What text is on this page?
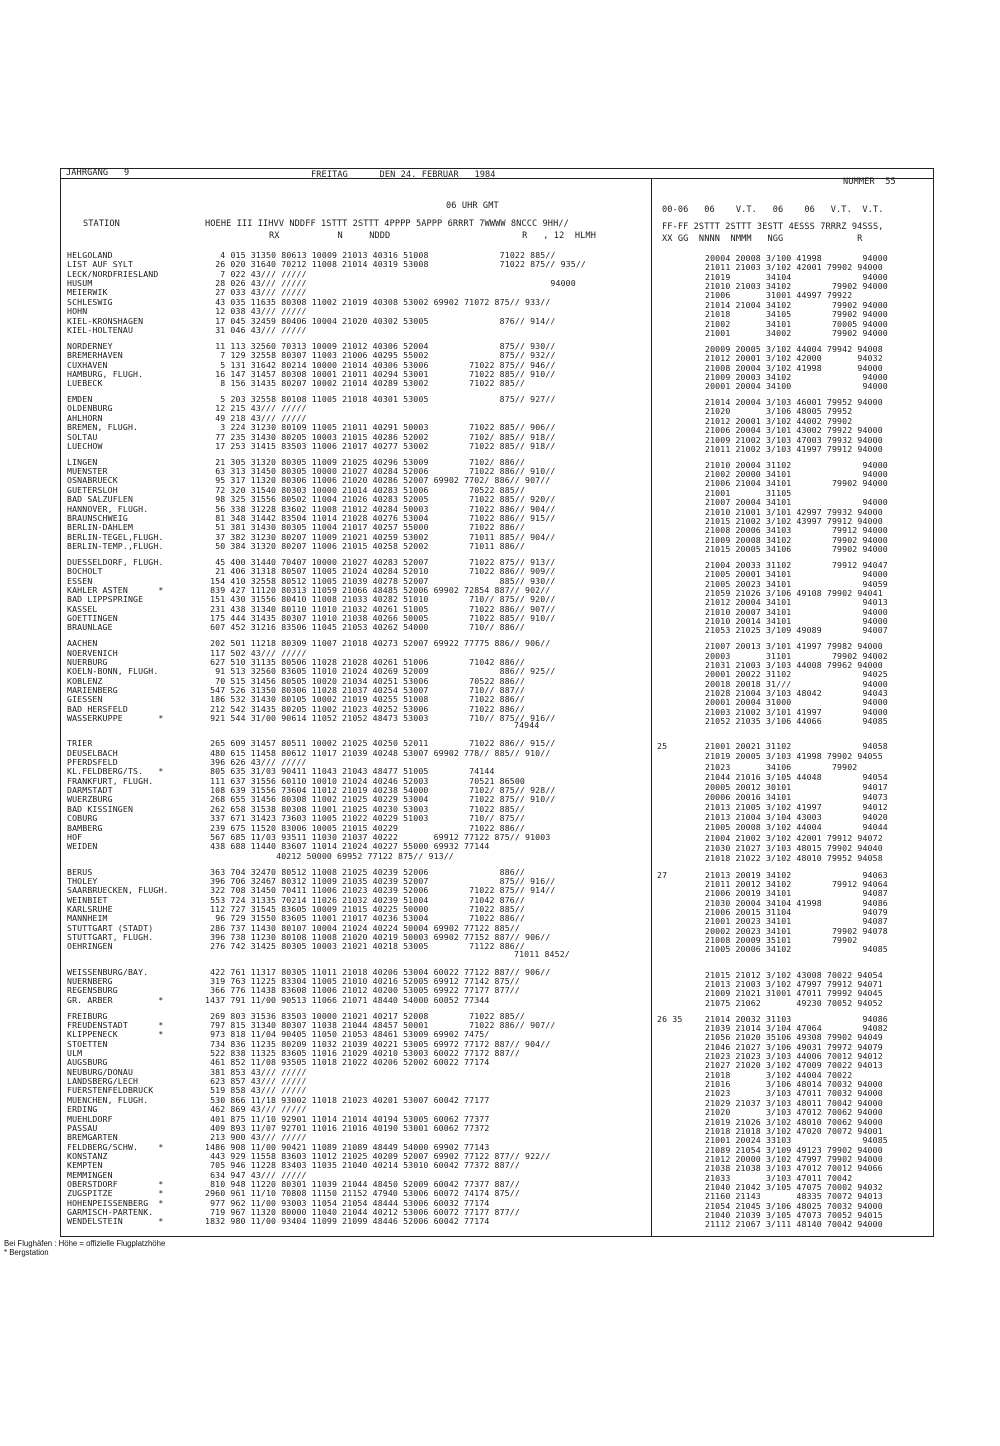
JAHRGANG   9	FREITAG      DEN 24. FEBRUAR   1984
NUMMER  55
06 UHR GMT
STATION	HOEHE III IIHVV NDDFF 1STTT 2STTT 4PPPP 5APPP 6RRRT 7WWWW 8NCCC 9HH//
RX           N     NDDD                         R   , 12  HLMH
00-06   06    V.T.   06    06   V.T.  V.T.
FF-FF 2STTT 2STTT 3ESTT 4ESSS 7RRRZ 94SSS,
XX GG  NNNN  NMMM   NGG              R
HELGOLAND	4 015 31350 80613 10009 21013 40316 51008              71022 885//
LIST AUF SYLT	26 020 31640 70212 11008 21014 40319 53008              71022 875// 935//
LECK/NORDFRIESLAND	7 022 43/// /////
HUSUM	28 026 43/// /////                                                94000
MEIERWIK	27 033 43/// /////
SCHLESWIG	43 035 11635 80308 11002 21019 40308 53002 69902 71072 875// 933//
HOHN	12 038 43/// /////
KIEL-KRONSHAGEN	17 045 32459 80406 10004 21020 40302 53005              876// 914//
KIEL-HOLTENAU	31 046 43/// /////
20004 20008 3/100 41998        94000
21011 21003 3/102 42001 79902 94000
21019       34104              94000
21010 21003 34102        79902 94000
21006       31001 44997 79922
21014 21004 34102        79902 94000
21018       34105        79902 94000
21002       34101        70005 94000
21001       34002        79902 94000
NORDERNEY	11 113 32560 70313 10009 21012 40306 52004              875// 930//
BREMERHAVEN	7 129 32558 80307 11003 21006 40295 55002              875// 932//
CUXHAVEN	5 131 31642 80214 10000 21014 40306 53006        71022 875// 946//
HAMBURG, FLUGH.	16 147 31457 80308 10001 21011 40294 53001        71022 885// 910//
LUEBECK	8 156 31435 80207 10002 21014 40289 53002        71022 885//
20009 20005 3/102 44004 79942 94008
21012 20001 3/102 42000       94032
21008 20004 3/102 41998       94000
21009 20003 34102              94000
20001 20004 34100              94000
EMDEN	5 203 32558 80108 11005 21018 40301 53005              875// 927//
OLDENBURG	12 215 43/// /////
AHLHORN	49 218 43/// /////
BREMEN, FLUGH.	3 224 31230 80109 11005 21011 40291 50003        71022 885// 906//
SOLTAU	77 235 31430 80205 10003 21015 40286 52002        7102/ 885// 918//
LUECHOW	17 253 31415 83503 11006 21017 40277 53002        71022 885// 918//
21014 20004 3/103 46001 79952 94000
21020       3/106 48005 79952
21012 20001 3/102 44002 79902
21006 20004 3/101 43002 79922 94000
21009 21002 3/103 47003 79932 94000
21011 21002 3/103 41997 79912 94000
LINGEN	21 305 31320 80305 11009 21025 40296 53009        7102/ 886//
MUENSTER	63 313 31450 80305 10000 21027 40284 52006        71022 886// 910//
OSNABRUECK	95 317 11320 80306 11006 21020 40286 52007 69902 7702/ 886// 907//
GUETERSLOH	72 320 31540 80303 10000 21014 40283 51006        70522 885//
BAD SALZUFLEN	98 325 31556 80502 11004 21026 40283 52005        71022 885// 920//
HANNOVER, FLUGH.	56 338 31228 83602 11008 21012 40284 50003        71022 886// 904//
BRAUNSCHWEIG	81 348 31442 83504 11014 21028 40276 53004        71022 886// 915//
BERLIN-DAHLEM	51 381 31430 80305 11004 21017 40257 55000        71022 886//
BERLIN-TEGEL,FLUGH.	37 382 31230 80207 11009 21021 40259 53002        71011 885// 904//
BERLIN-TEMP.,FLUGH.	50 384 31320 80207 11006 21015 40258 52002        71011 886//
21010 20004 31102              94000
21002 20000 34101              94000
21006 21004 34101        79902 94000
21001       31105
21007 20004 34101              94000
21010 21001 3/101 42997 79932 94000
21015 21002 3/102 43997 79912 94000
21008 20006 34103        79912 94000
21009 20008 34102        79902 94000
21015 20005 34106        79902 94000
DUESSELDORF, FLUGH.	45 400 31440 70407 10000 21027 40283 52007        71022 875// 913//
BOCHOLT	21 406 31318 80507 11005 21024 40284 52010        71022 886// 909//
ESSEN	154 410 32558 80512 11005 21039 40278 52007              885// 930//
KAHLER ASTEN      *	839 427 11120 80313 11059 21066 48485 52006 69902 72854 887// 902//
BAD LIPPSPRINGE	151 430 31556 80410 11008 21033 40282 51010        710// 875// 920//
KASSEL	231 438 31340 80110 11010 21032 40261 51005        71022 886// 907//
GOETTINGEN	175 444 31435 80307 11010 21038 40266 50005        71022 885// 910//
BRAUNLAGE	607 452 31216 83506 11045 21053 40262 54000        710// 886//
21004 20033 31102        79912 94047
21005 20001 34101              94000
21005 20023 34101              94059
21059 21026 3/106 49108 79902 94041
21012 20004 34101              94013
21010 20007 34101              94000
21010 20014 34101              94000
21053 21025 3/109 49089        94007
AACHEN	202 501 11218 80309 11007 21018 40273 52007 69922 77775 886// 906//
NOERVENICH	117 502 43/// /////
NUERBURG	627 510 31135 80506 11028 21028 40261 51006        71042 886//
KOELN-BONN, FLUGH.	91 513 32560 83605 11010 21024 40269 52009              886// 925//
KOBLENZ	70 515 31456 80505 10020 21034 40251 53006        70522 886//
MARIENBERG	547 526 31350 80306 11028 21037 40254 53007        710// 887//
GIESSEN	186 532 31430 80105 10002 21019 40255 51008        71022 886//
BAD HERSFELD	212 542 31435 80205 11002 21023 40252 53006        71022 886//
WASSERKUPPE       *	921 544 31/00 90614 11052 21052 48473 53003        710// 875// 916//
74944
21007 20013 3/101 41997 79982 94000
20003       31101        79902 94002
21031 21003 3/103 44008 79962 94000
20001 20022 31102              94025
20018 20018 31///              94000
21028 21004 3/103 48042        94043
20001 20004 31000              94000
21003 21002 3/101 41997        94000
21052 21035 3/106 44066        94085
TRIER	265 609 31457 80511 10002 21025 40250 52011        71022 886// 915//
DEUSELBACH	480 615 11458 80612 11017 21039 40248 53007 69902 778// 885// 910//
PFERDSFELD	396 626 43/// /////
KL.FELDBERG/TS.   *	805 635 31/03 90411 11043 21043 48477 51005        74144
FRANKFURT, FLUGH.	111 637 31556 60110 10010 21024 40246 52003        70521 86500
DARMSTADT	108 639 31556 73604 11012 21019 40238 54000        7102/ 875// 928//
WUERZBURG	268 655 31456 80308 11002 21025 40229 53004        71022 875// 910//
BAD KISSINGEN	262 658 31538 80308 11001 21025 40230 53003        71022 885//
COBURG	337 671 31423 73603 11005 21022 40229 51003        710// 875//
BAMBERG	239 675 11520 83006 10005 21015 40229              71022 886//
HOF	567 685 11/03 93511 11030 21037 40222       69912 77122 875// 91003
WEIDEN	438 688 11440 83607 11014 21024 40227 55000 69932 77144
40212 50000 69952 77122 875// 913//
25	21001 20021 31102              94058
21019 20005 3/103 41998 79902 94055
21023       34106        79902
21044 21016 3/105 44048        94054
20005 20012 30101              94017
20006 20016 34101              94073
21013 21005 3/102 41997        94012
21013 21004 3/104 43003        94020
21005 20008 3/102 44004        94044
21004 21002 3/102 42001 79912 94072
21030 21027 3/103 48015 79902 94040
21018 21022 3/102 48010 79952 94058
BERUS	363 704 32470 80512 11008 21025 40239 52006              886//
THOLEY	396 706 32467 80312 11009 21035 40239 52007              875// 916//
SAARBRUECKEN, FLUGH.	322 708 31450 70411 11006 21023 40239 52006        71022 875// 914//
WEINBIET	553 724 31335 70214 11026 21032 40239 51004        71042 876//
KARLSRUHE	112 727 31545 83605 10009 21015 40225 50000        71022 885//
MANNHEIM	96 729 31550 83605 11001 21017 40236 53004        71022 886//
STUTTGART (STADT)	286 737 11430 80107 10004 21024 40224 50004 69902 77122 885//
STUTTGART, FLUGH.	396 738 11230 80108 11008 21020 40219 50003 69902 77152 887// 906//
OEHRINGEN	276 742 31425 80305 10003 21021 40218 53005        71122 886//
71011 8452/
27	21013 20019 34102              94063
21011 20012 34102        79912 94064
21006 20019 34101              94087
21030 20004 34104 41998        94086
21006 20015 31104              94079
21001 20023 34101              94087
20002 20023 34101        79902 94078
21008 20009 35101        79902
21005 20006 34102              94085
WEISSENBURG/BAY.	422 761 11317 80305 11011 21018 40206 53004 60022 77122 887// 906//
NUERNBERG	319 763 11225 83304 11005 21010 40216 52005 69912 77142 875//
REGENSBURG	366 776 11438 83608 11006 21012 40200 53005 69922 77177 877//
GR. ARBER         *	1437 791 11/00 90513 11066 21071 48440 54000 60052 77344
21015 21012 3/102 43008 70022 94054
21013 21003 3/102 47997 79912 94071
21009 21021 31001 47011 79992 94045
21075 21062       49230 70052 94052
FREIBURG	269 803 31536 83503 10000 21021 40217 52008        71022 885//
FREUDENSTADT      *	797 815 31340 80307 11038 21044 48457 50001        71022 886// 907//
KLIPPENECK        *	973 818 11/04 90405 11050 21053 48461 53009 69902 7475/
STOETTEN	734 836 11235 80209 11032 21039 40221 53005 69972 77172 887// 904//
ULM	522 838 11325 83605 11016 21029 40210 53003 60022 77172 887//
AUGSBURG	461 852 11/08 93505 11018 21022 40206 52002 60022 77174
NEUBURG/DONAU	381 853 43/// /////
LANDSBERG/LECH	623 857 43/// /////
FUERSTENFELDBRUCK	519 858 43/// /////
MUENCHEN, FLUGH.	530 866 11/18 93002 11018 21023 40201 53007 60042 77177
ERDING	462 869 43/// /////
MUEHLDORF	401 875 11/10 92901 11014 21014 40194 53005 60062 77377
PASSAU	409 893 11/07 92701 11016 21016 40190 53001 60062 77372
BREMGARTEN	213 900 43/// /////
FELDBERG/SCHW.    *	1486 908 11/00 90421 11089 21089 48449 54000 69902 77143
KONSTANZ	443 929 11558 83603 11012 21025 40209 52007 69902 77122 877// 922//
KEMPTEN	705 946 11228 83403 11035 21040 40214 53010 60042 77372 887//
MEMMINGEN	634 947 43/// /////
OBERSTDORF        *	810 948 11220 80301 11039 21044 48450 52009 60042 77377 887//
ZUGSPITZE         *	2960 961 11/10 70808 11150 21152 47940 53006 60072 74174 875//
HOHENPEISSENBERG  *	977 962 11/00 93003 11054 21054 48444 53006 60032 77174
GARMISCH-PARTENK.	719 967 11320 80000 11040 21044 40212 53006 60072 77177 877//
WENDELSTEIN       *	1832 980 11/00 93404 11099 21099 48446 52006 60042 77174
26 35	21014 20032 31103              94086
21039 21014 3/104 47064        94082
21056 21020 35106 49308 79902 94049
21046 21027 3/106 49031 79972 94079
21023 21023 3/103 44006 70012 94012
21027 21020 3/102 47009 70022 94013
21018       3/102 44004 70022
21016       3/106 48014 70032 94000
21023       3/103 47011 70032 94000
21029 21037 3/103 48011 70042 94000
21020       3/103 47012 70062 94000
21019 21026 3/102 48010 70062 94000
21018 21018 3/102 47020 70072 94001
21001 20024 33103              94085
21089 21054 3/109 49123 79902 94000
21012 20000 3/102 47997 79902 94000
21038 21038 3/103 47012 70012 94066
21033       3/103 47011 70042
21040 21042 3/105 47075 70002 94032
21160 21143       48335 70072 94013
21054 21045 3/106 48025 70032 94000
21040 21039 3/105 47073 70052 94015
21112 21067 3/111 48140 70042 94000
Bei Flughäfen : Höhe = offizielle Flugplatzhöhe
* Bergstation
